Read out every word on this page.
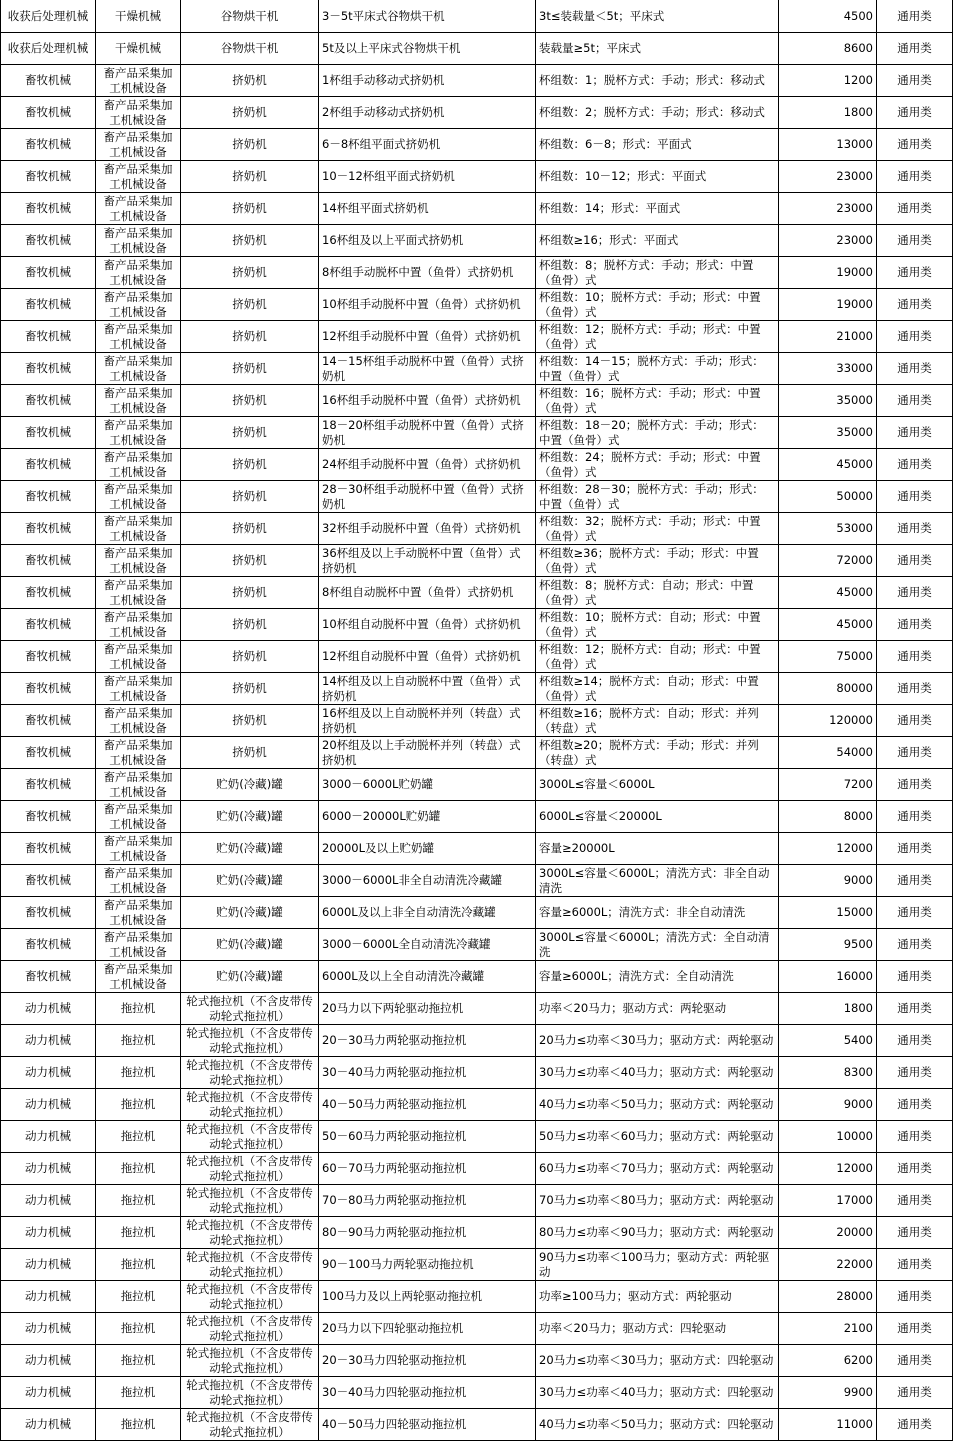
收获后处理机械	干燥机械	谷物烘干机	3－5t平床式谷物烘干机	3t≤装载量＜5t；平床式	4500	通用类
收获后处理机械	干燥机械	谷物烘干机	5t及以上平床式谷物烘干机	装载量≥5t；平床式	8600	通用类
畜牧机械	畜产品采集加工机械设备	挤奶机	1杯组手动移动式挤奶机	杯组数：1；脱杯方式：手动；形式：移动式	1200	通用类
畜牧机械	畜产品采集加工机械设备	挤奶机	2杯组手动移动式挤奶机	杯组数：2；脱杯方式：手动；形式：移动式	1800	通用类
畜牧机械	畜产品采集加工机械设备	挤奶机	6－8杯组平面式挤奶机	杯组数：6－8；形式：平面式	13000	通用类
畜牧机械	畜产品采集加工机械设备	挤奶机	10－12杯组平面式挤奶机	杯组数：10－12；形式：平面式	23000	通用类
畜牧机械	畜产品采集加工机械设备	挤奶机	14杯组平面式挤奶机	杯组数：14；形式：平面式	23000	通用类
畜牧机械	畜产品采集加工机械设备	挤奶机	16杯组及以上平面式挤奶机	杯组数≥16；形式：平面式	23000	通用类
畜牧机械	畜产品采集加工机械设备	挤奶机	8杯组手动脱杯中置（鱼骨）式挤奶机	杯组数：8；脱杯方式：手动；形式：中置（鱼骨）式	19000	通用类
畜牧机械	畜产品采集加工机械设备	挤奶机	10杯组手动脱杯中置（鱼骨）式挤奶机	杯组数：10；脱杯方式：手动；形式：中置（鱼骨）式	19000	通用类
畜牧机械	畜产品采集加工机械设备	挤奶机	12杯组手动脱杯中置（鱼骨）式挤奶机	杯组数：12；脱杯方式：手动；形式：中置（鱼骨）式	21000	通用类
畜牧机械	畜产品采集加工机械设备	挤奶机	14－15杯组手动脱杯中置（鱼骨）式挤奶机	杯组数：14－15；脱杯方式：手动；形式：中置（鱼骨）式	33000	通用类
畜牧机械	畜产品采集加工机械设备	挤奶机	16杯组手动脱杯中置（鱼骨）式挤奶机	杯组数：16；脱杯方式：手动；形式：中置（鱼骨）式	35000	通用类
畜牧机械	畜产品采集加工机械设备	挤奶机	18－20杯组手动脱杯中置（鱼骨）式挤奶机	杯组数：18－20；脱杯方式：手动；形式：中置（鱼骨）式	35000	通用类
畜牧机械	畜产品采集加工机械设备	挤奶机	24杯组手动脱杯中置（鱼骨）式挤奶机	杯组数：24；脱杯方式：手动；形式：中置（鱼骨）式	45000	通用类
畜牧机械	畜产品采集加工机械设备	挤奶机	28－30杯组手动脱杯中置（鱼骨）式挤奶机	杯组数：28－30；脱杯方式：手动；形式：中置（鱼骨）式	50000	通用类
畜牧机械	畜产品采集加工机械设备	挤奶机	32杯组手动脱杯中置（鱼骨）式挤奶机	杯组数：32；脱杯方式：手动；形式：中置（鱼骨）式	53000	通用类
畜牧机械	畜产品采集加工机械设备	挤奶机	36杯组及以上手动脱杯中置（鱼骨）式挤奶机	杯组数≥36；脱杯方式：手动；形式：中置（鱼骨）式	72000	通用类
畜牧机械	畜产品采集加工机械设备	挤奶机	8杯组自动脱杯中置（鱼骨）式挤奶机	杯组数：8；脱杯方式：自动；形式：中置（鱼骨）式	45000	通用类
畜牧机械	畜产品采集加工机械设备	挤奶机	10杯组自动脱杯中置（鱼骨）式挤奶机	杯组数：10；脱杯方式：自动；形式：中置（鱼骨）式	45000	通用类
畜牧机械	畜产品采集加工机械设备	挤奶机	12杯组自动脱杯中置（鱼骨）式挤奶机	杯组数：12；脱杯方式：自动；形式：中置（鱼骨）式	75000	通用类
畜牧机械	畜产品采集加工机械设备	挤奶机	14杯组及以上自动脱杯中置（鱼骨）式挤奶机	杯组数≥14；脱杯方式：自动；形式：中置（鱼骨）式	80000	通用类
畜牧机械	畜产品采集加工机械设备	挤奶机	16杯组及以上自动脱杯并列（转盘）式挤奶机	杯组数≥16；脱杯方式：自动；形式：并列（转盘）式	120000	通用类
畜牧机械	畜产品采集加工机械设备	挤奶机	20杯组及以上手动脱杯并列（转盘）式挤奶机	杯组数≥20；脱杯方式：手动；形式：并列（转盘）式	54000	通用类
畜牧机械	畜产品采集加工机械设备	贮奶(冷藏)罐	3000－6000L贮奶罐	3000L≤容量＜6000L	7200	通用类
畜牧机械	畜产品采集加工机械设备	贮奶(冷藏)罐	6000－20000L贮奶罐	6000L≤容量＜20000L	8000	通用类
畜牧机械	畜产品采集加工机械设备	贮奶(冷藏)罐	20000L及以上贮奶罐	容量≥20000L	12000	通用类
畜牧机械	畜产品采集加工机械设备	贮奶(冷藏)罐	3000－6000L非全自动清洗冷藏罐	3000L≤容量＜6000L；清洗方式：非全自动清洗	9000	通用类
畜牧机械	畜产品采集加工机械设备	贮奶(冷藏)罐	6000L及以上非全自动清洗冷藏罐	容量≥6000L；清洗方式：非全自动清洗	15000	通用类
畜牧机械	畜产品采集加工机械设备	贮奶(冷藏)罐	3000－6000L全自动清洗冷藏罐	3000L≤容量＜6000L；清洗方式：全自动清洗	9500	通用类
畜牧机械	畜产品采集加工机械设备	贮奶(冷藏)罐	6000L及以上全自动清洗冷藏罐	容量≥6000L；清洗方式：全自动清洗	16000	通用类
动力机械	拖拉机	轮式拖拉机（不含皮带传动轮式拖拉机）	20马力以下两轮驱动拖拉机	功率＜20马力；驱动方式：两轮驱动	1800	通用类
动力机械	拖拉机	轮式拖拉机（不含皮带传动轮式拖拉机）	20－30马力两轮驱动拖拉机	20马力≤功率＜30马力；驱动方式：两轮驱动	5400	通用类
动力机械	拖拉机	轮式拖拉机（不含皮带传动轮式拖拉机）	30－40马力两轮驱动拖拉机	30马力≤功率＜40马力；驱动方式：两轮驱动	8300	通用类
动力机械	拖拉机	轮式拖拉机（不含皮带传动轮式拖拉机）	40－50马力两轮驱动拖拉机	40马力≤功率＜50马力；驱动方式：两轮驱动	9000	通用类
动力机械	拖拉机	轮式拖拉机（不含皮带传动轮式拖拉机）	50－60马力两轮驱动拖拉机	50马力≤功率＜60马力；驱动方式：两轮驱动	10000	通用类
动力机械	拖拉机	轮式拖拉机（不含皮带传动轮式拖拉机）	60－70马力两轮驱动拖拉机	60马力≤功率＜70马力；驱动方式：两轮驱动	12000	通用类
动力机械	拖拉机	轮式拖拉机（不含皮带传动轮式拖拉机）	70－80马力两轮驱动拖拉机	70马力≤功率＜80马力；驱动方式：两轮驱动	17000	通用类
动力机械	拖拉机	轮式拖拉机（不含皮带传动轮式拖拉机）	80－90马力两轮驱动拖拉机	80马力≤功率＜90马力；驱动方式：两轮驱动	20000	通用类
动力机械	拖拉机	轮式拖拉机（不含皮带传动轮式拖拉机）	90－100马力两轮驱动拖拉机	90马力≤功率＜100马力；驱动方式：两轮驱动	22000	通用类
动力机械	拖拉机	轮式拖拉机（不含皮带传动轮式拖拉机）	100马力及以上两轮驱动拖拉机	功率≥100马力；驱动方式：两轮驱动	28000	通用类
动力机械	拖拉机	轮式拖拉机（不含皮带传动轮式拖拉机）	20马力以下四轮驱动拖拉机	功率＜20马力；驱动方式：四轮驱动	2100	通用类
动力机械	拖拉机	轮式拖拉机（不含皮带传动轮式拖拉机）	20－30马力四轮驱动拖拉机	20马力≤功率＜30马力；驱动方式：四轮驱动	6200	通用类
动力机械	拖拉机	轮式拖拉机（不含皮带传动轮式拖拉机）	30－40马力四轮驱动拖拉机	30马力≤功率＜40马力；驱动方式：四轮驱动	9900	通用类
动力机械	拖拉机	轮式拖拉机（不含皮带传动轮式拖拉机）	40－50马力四轮驱动拖拉机	40马力≤功率＜50马力；驱动方式：四轮驱动	11000	通用类
